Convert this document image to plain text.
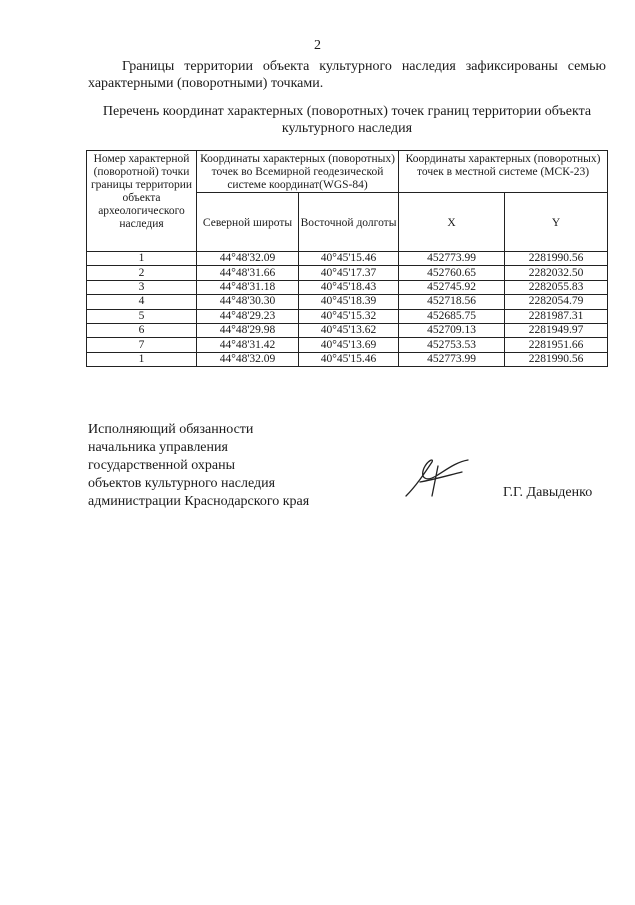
2
Границы территории объекта культурного наследия зафиксированы семью характерными (поворотными) точками.
Перечень координат характерных (поворотных) точек границ территории объекта культурного наследия
Номер характерной (поворотной) точки границы территории объекта археологического наследия	Координаты характерных (поворотных) точек во Всемирной геодезической системе координат(WGS-84)		Координаты характерных (поворотных) точек в местной системе (МСК-23)	
	Северной широты	Восточной долготы	X	Y
1	44°48'32.09	40°45'15.46	452773.99	2281990.56
2	44°48'31.66	40°45'17.37	452760.65	2282032.50
3	44°48'31.18	40°45'18.43	452745.92	2282055.83
4	44°48'30.30	40°45'18.39	452718.56	2282054.79
5	44°48'29.23	40°45'15.32	452685.75	2281987.31
6	44°48'29.98	40°45'13.62	452709.13	2281949.97
7	44°48'31.42	40°45'13.69	452753.53	2281951.66
1	44°48'32.09	40°45'15.46	452773.99	2281990.56
Исполняющий обязанности
начальника управления
государственной охраны
объектов культурного наследия
администрации Краснодарского края
Г.Г. Давыденко
